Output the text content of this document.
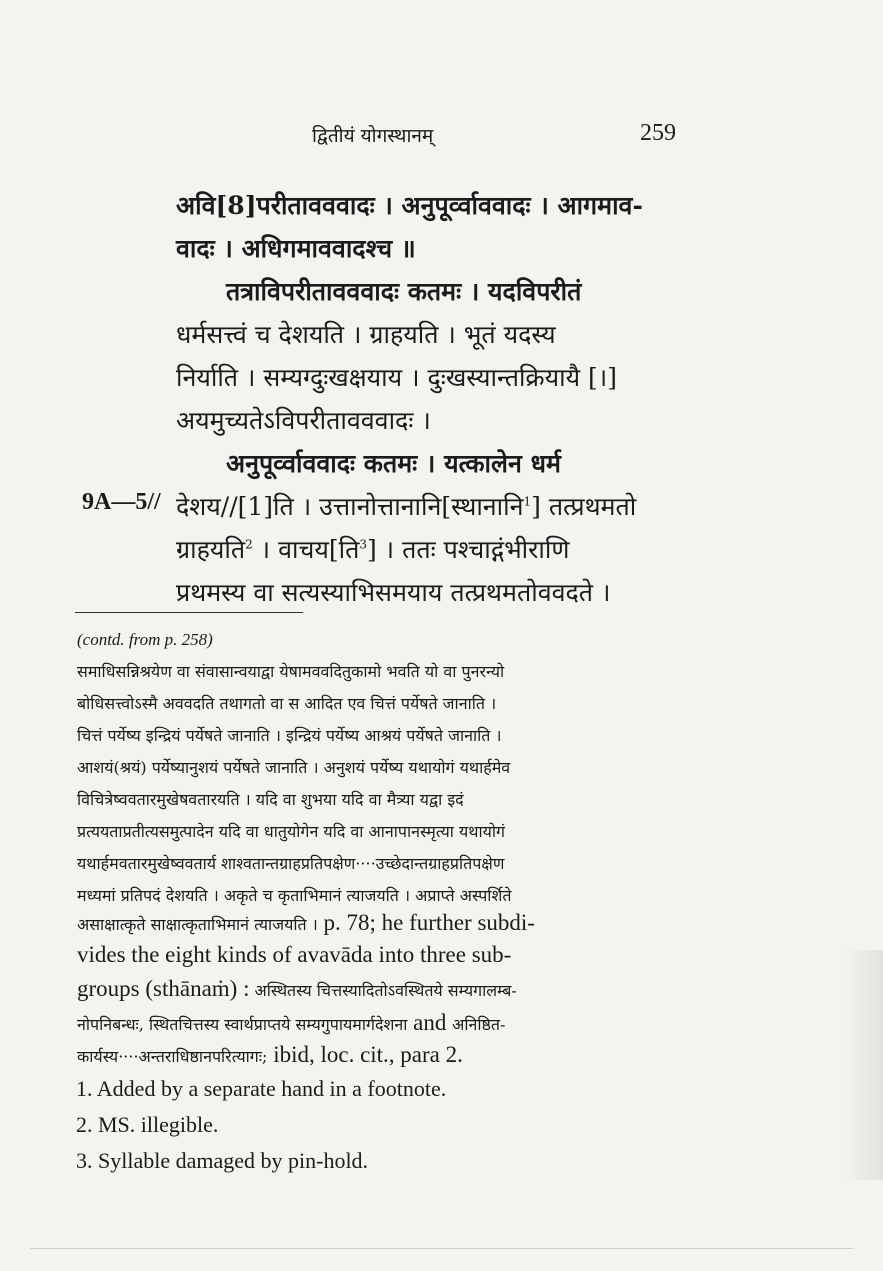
द्वितीयं योगस्थानम्	259
अवि[8]परीतावववादः । अनुपूर्व्वाववादः । आगमाव-
वादः । अधिगमाववादश्च ॥
तत्राविपरीतावववादः कतमः । यदविपरीतं
धर्मसत्त्वं च देशयति । ग्राहयति । भूतं यदस्य
निर्याति । सम्यग्दुःखक्षयाय । दुःखस्यान्तक्रियायै [।]
अयमुच्यतेऽविपरीतावववादः ।
अनुपूर्व्वाववादः कतमः । यत्कालेन धर्म
9A—5// देशय//[1]ति । उत्तानोत्तानानि[स्थानानि$^1$] तत्प्रथमतो
ग्राहयति$^2$ । वाचय[ति$^3$] । ततः पश्चाद्गंभीराणि
प्रथमस्य वा सत्यस्याभिसमयाय तत्प्रथमतोववदते ।
(contd. from p. 258)
समाधिसन्निश्रयेण वा संवासान्वयाद्वा येषामववदितुकामो भवति यो वा पुनरन्यो
बोधिसत्त्वोऽस्मै अववदति तथागतो वा स आदित एव चित्तं पर्येषते जानाति ।
चित्तं पर्येष्य इन्द्रियं पर्येषते जानाति । इन्द्रियं पर्येष्य आश्रयं पर्येषते जानाति ।
आशयं(श्रयं) पर्येष्यानुशयं पर्येषते जानाति । अनुशयं पर्येष्य यथायोगं यथार्हमेव
विचित्रेष्ववतारमुखेषवतारयति । यदि वा शुभया यदि वा मैत्र्या यद्वा इदं
प्रत्ययताप्रतीत्यसमुत्पादेन यदि वा धातुयोगेन यदि वा आनापानस्मृत्या यथायोगं
यथार्हमवतारमुखेष्ववतार्य शाश्वतान्तग्राहप्रतिपक्षेण····उच्छेदान्तग्राहप्रतिपक्षेण
मध्यमां प्रतिपदं देशयति । अकृते च कृताभिमानं त्याजयति । अप्राप्ते अस्पर्शिते
असाक्षात्कृते साक्षात्कृताभिमानं त्याजयति । p. 78; he further subdi-
vides the eight kinds of avavāda into three sub-
groups (sthānaṁ) : अस्थितस्य चित्तस्यादितोऽवस्थितये सम्यगालम्ब-
नोपनिबन्धः, स्थितचित्तस्य स्वार्थप्राप्तये सम्यगुपायमार्गदेशना and अनिष्ठित-
कार्यस्य····अन्तराधिष्ठानपरित्यागः; ibid, loc. cit., para 2.
1. Added by a separate hand in a footnote.
2. MS. illegible.
3. Syllable damaged by pin-hold.
